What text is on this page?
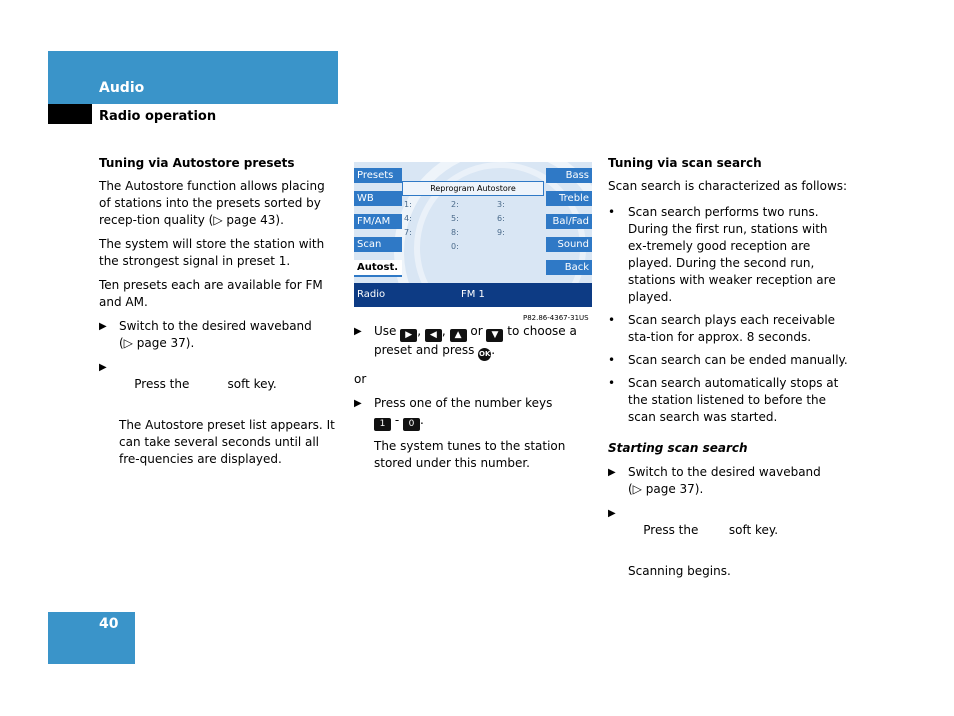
Audio
Radio operation

Tuning via Autostore presets

The Autostore function allows placing of stations into the presets sorted by recep-tion quality (▷ page 43).

The system will store the station with the strongest signal in preset 1.

Ten presets each are available for FM and AM.

▶ Switch to the desired waveband
(▷ page 37).

▶
Press the          soft key.

The Autostore preset list appears. It can take several seconds until all fre-quencies are displayed.

Presets
WB
FM/AM
Scan
Autost.
Bass
Treble
Bal/Fad
Sound
Back
Reprogram Autostore
1:	2:	3:
4:	5:	6:
7:	8:	9:
0:
Radio	FM 1
P82.86-4367-31US
▶ Use ▶ , ◀ , ▲ or ▼ to choose a
preset and press OK.

or

▶ Press one of the number keys
1 - 0 .

The system tunes to the station stored under this number.

Tuning via scan search

Scan search is characterized as follows:

• Scan search performs two runs. During the first run, stations with ex-tremely good reception are played. During the second run, stations with weaker reception are played.
• Scan search plays each receivable sta-tion for approx. 8 seconds.
• Scan search can be ended manually.
• Scan search automatically stops at the station listened to before the scan search was started.

Starting scan search

▶ Switch to the desired waveband
(▷ page 37).

▶
Press the        soft key.

Scanning begins.

40
